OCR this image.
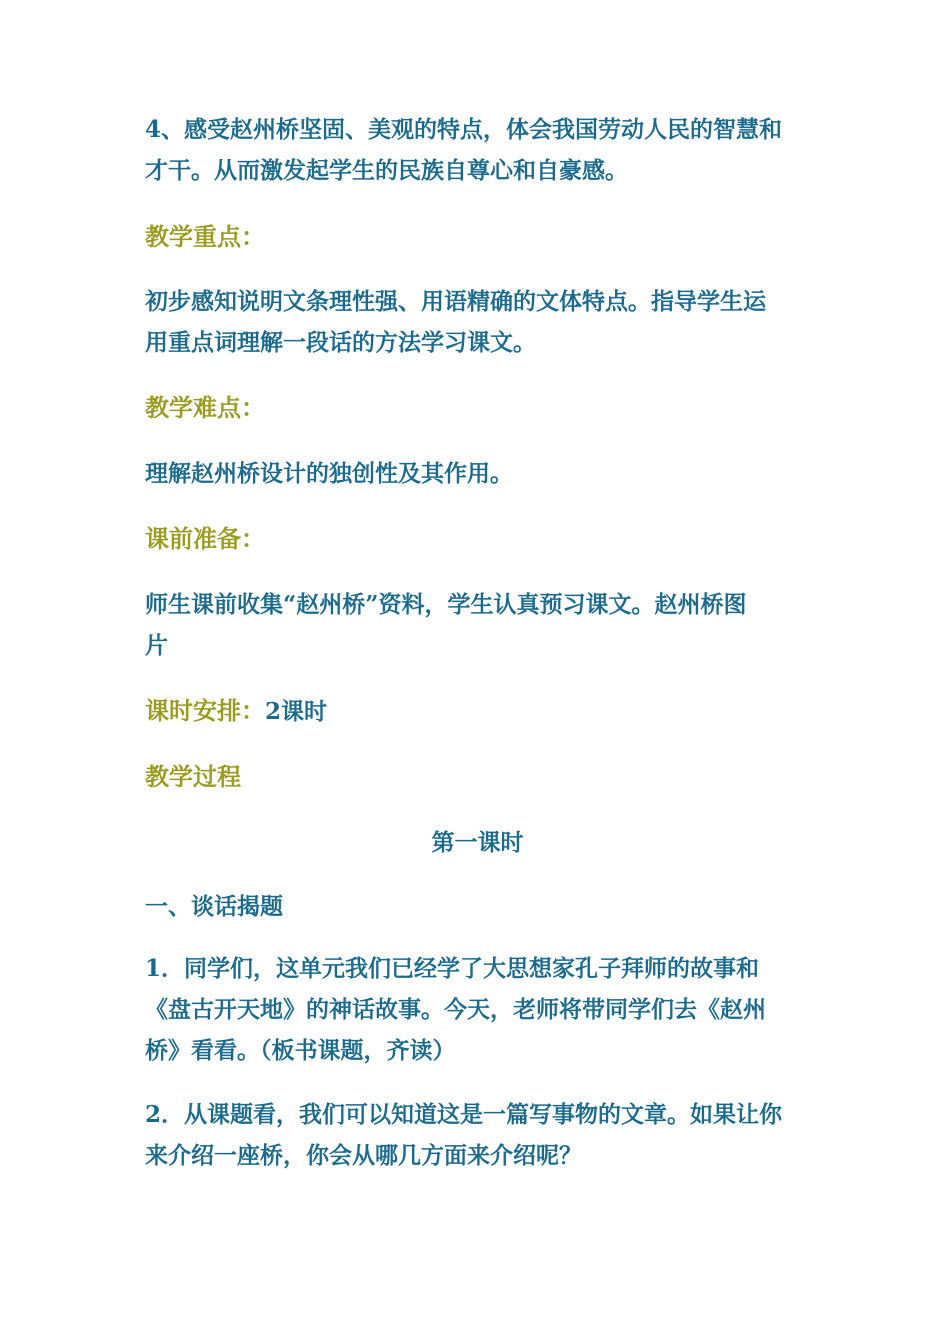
4、感受赵州桥坚固、美观的特点，体会我国劳动人民的智慧和

才干。从而激发起学生的民族自尊心和自豪感。

教学重点：

初步感知说明文条理性强、用语精确的文体特点。指导学生运

用重点词理解一段话的方法学习课文。

教学难点：

理解赵州桥设计的独创性及其作用。

课前准备：

师生课前收集“赵州桥”资料，学生认真预习课文。赵州桥图

片

课时安排：2课时

教学过程

第一课时

一、谈话揭题

1．同学们，这单元我们已经学了大思想家孔子拜师的故事和

《盘古开天地》的神话故事。今天，老师将带同学们去《赵州

桥》看看。（板书课题，齐读）

2．从课题看，我们可以知道这是一篇写事物的文章。如果让你

来介绍一座桥，你会从哪几方面来介绍呢？
